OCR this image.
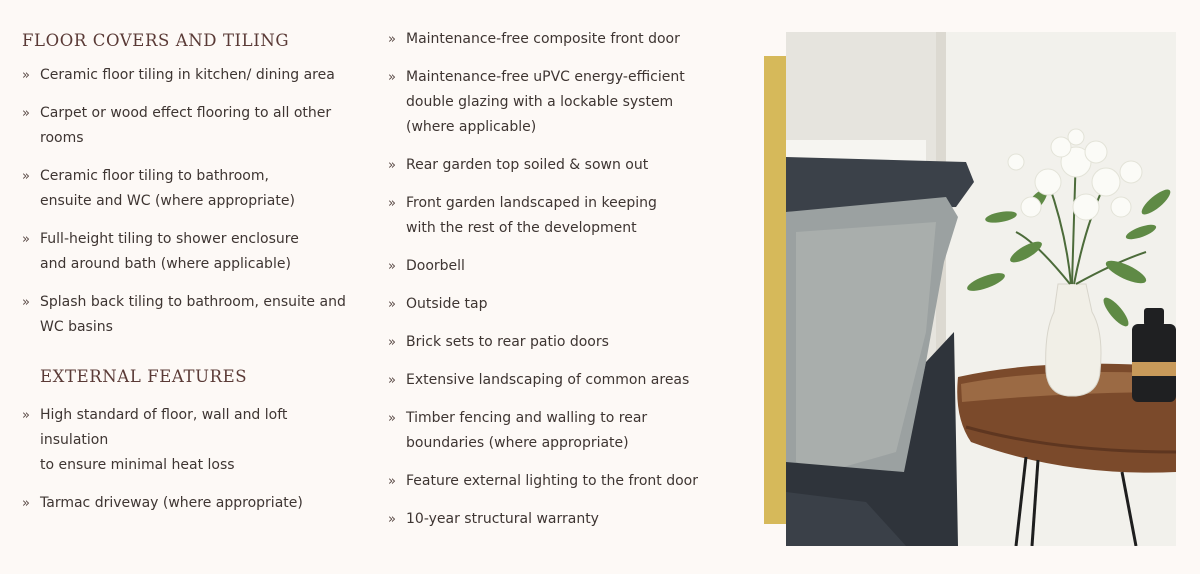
FLOOR COVERS AND TILING
» Ceramic floor tiling in kitchen/ dining area
» Carpet or wood effect flooring to all other
rooms
» Ceramic floor tiling to bathroom,
ensuite and WC (where appropriate)
» Full-height tiling to shower enclosure
and around bath (where applicable)
» Splash back tiling to bathroom, ensuite and
WC basins
EXTERNAL FEATURES
» High standard of floor, wall and loft
insulation
to ensure minimal heat loss
» Tarmac driveway (where appropriate)
» Maintenance-free composite front door
» Maintenance-free uPVC energy-efficient
double glazing with a lockable system
(where applicable)
» Rear garden top soiled & sown out
» Front garden landscaped in keeping
with the rest of the development
» Doorbell
» Outside tap
» Brick sets to rear patio doors
» Extensive landscaping of common areas
» Timber fencing and walling to rear
boundaries (where appropriate)
» Feature external lighting to the front door
» 10-year structural warranty
